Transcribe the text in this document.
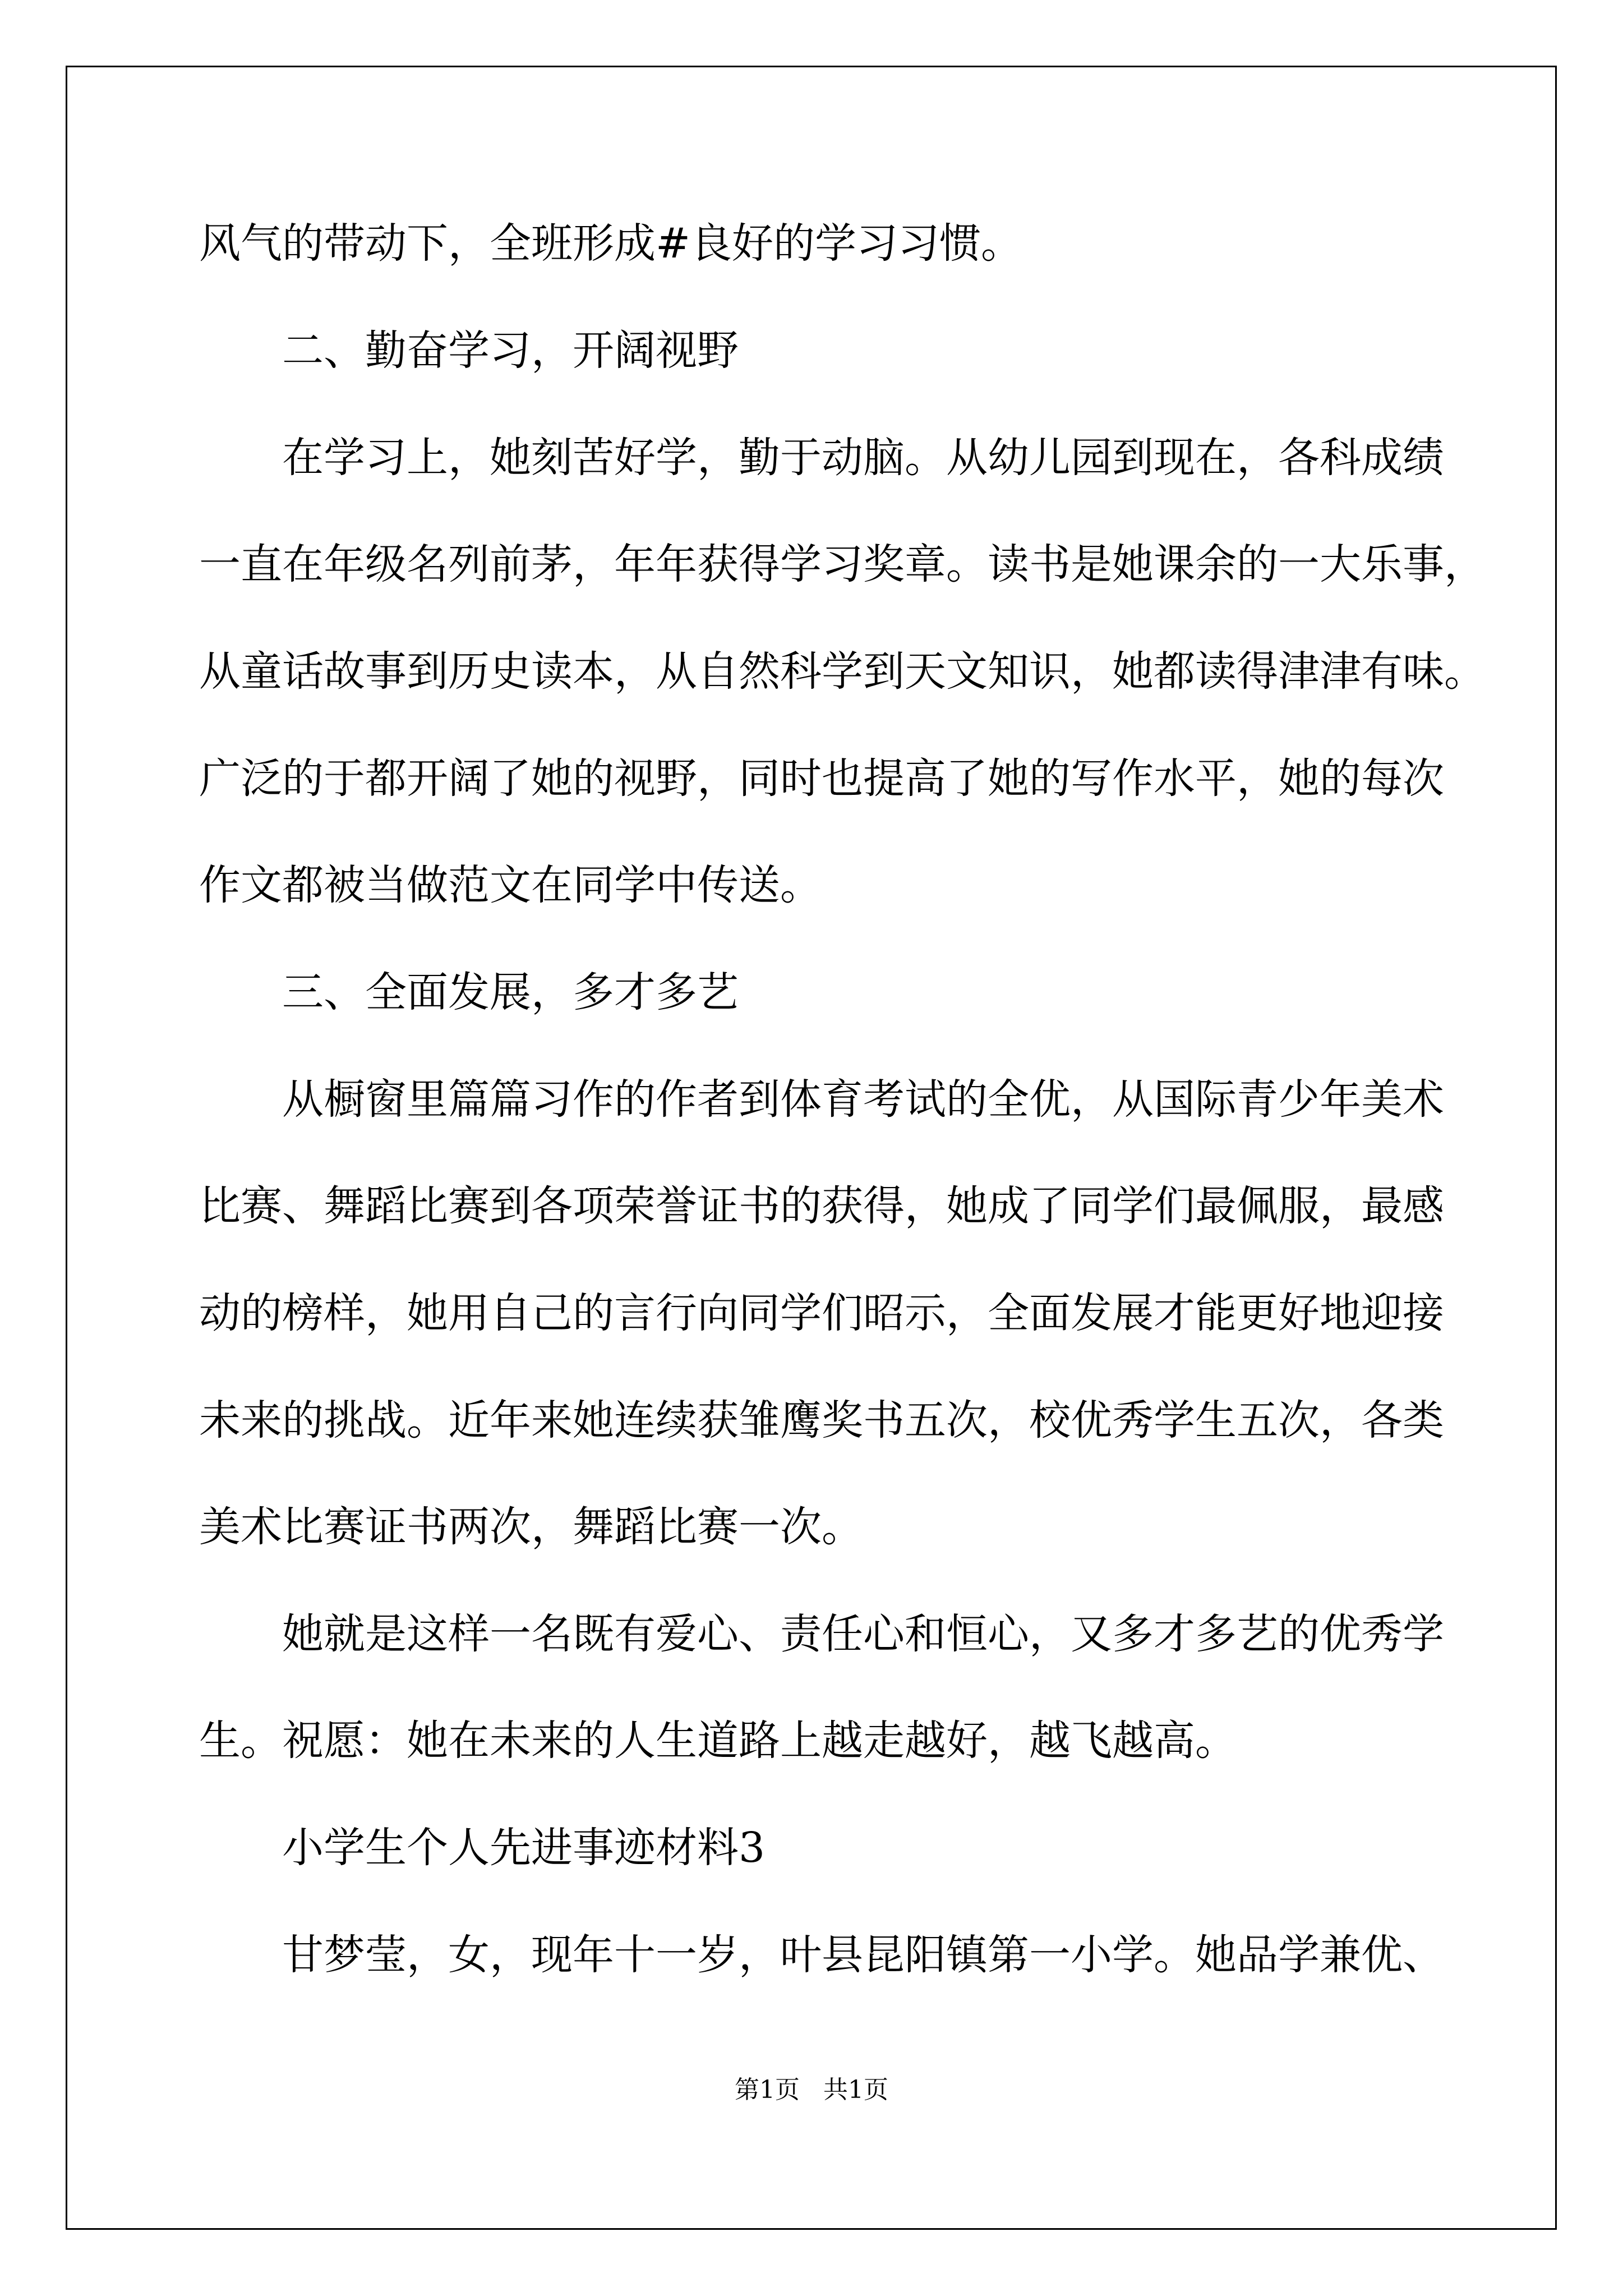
风气的带动下，全班形成#良好的学习习惯。

　　二、勤奋学习，开阔视野

　　在学习上，她刻苦好学，勤于动脑。从幼儿园到现在，各科成绩

一直在年级名列前茅，年年获得学习奖章。读书是她课余的一大乐事，

从童话故事到历史读本，从自然科学到天文知识，她都读得津津有味。

广泛的于都开阔了她的视野，同时也提高了她的写作水平，她的每次

作文都被当做范文在同学中传送。

　　三、全面发展，多才多艺

　　从橱窗里篇篇习作的作者到体育考试的全优，从国际青少年美术

比赛、舞蹈比赛到各项荣誉证书的获得，她成了同学们最佩服，最感

动的榜样，她用自己的言行向同学们昭示，全面发展才能更好地迎接

未来的挑战。近年来她连续获雏鹰奖书五次，校优秀学生五次，各类

美术比赛证书两次，舞蹈比赛一次。

　　她就是这样一名既有爱心、责任心和恒心，又多才多艺的优秀学

生。祝愿：她在未来的人生道路上越走越好，越飞越高。

　　小学生个人先进事迹材料3

　　甘梦莹，女，现年十一岁，叶县昆阳镇第一小学。她品学兼优、

第1页 共1页
